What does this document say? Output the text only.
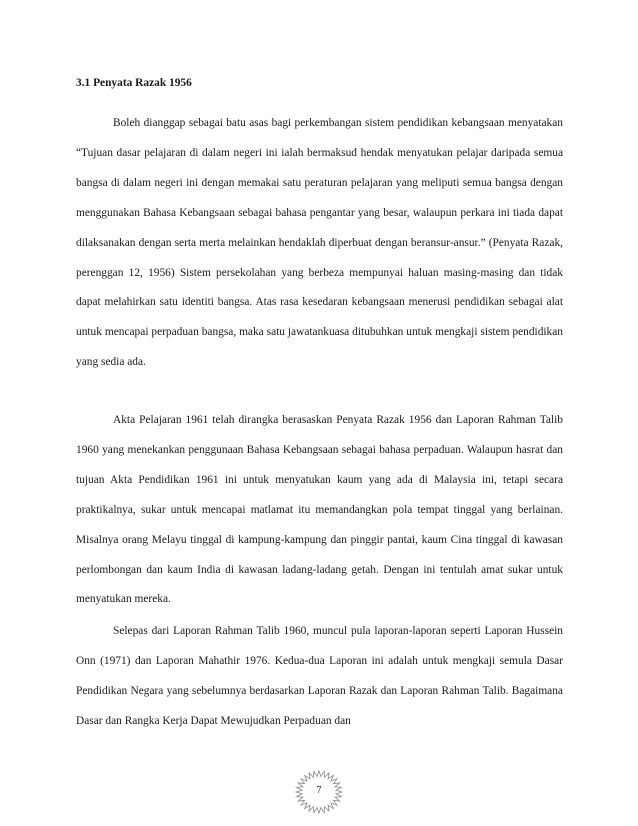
3.1 Penyata Razak 1956

Boleh dianggap sebagai batu asas bagi perkembangan sistem pendidikan kebangsaan menyatakan “Tujuan dasar pelajaran di dalam negeri ini ialah bermaksud hendak menyatukan pelajar daripada semua bangsa di dalam negeri ini dengan memakai satu peraturan pelajaran yang meliputi semua bangsa dengan menggunakan Bahasa Kebangsaan sebagai bahasa pengantar yang besar, walaupun perkara ini tiada dapat dilaksanakan dengan serta merta melainkan hendaklah diperbuat dengan beransur-ansur.” (Penyata Razak, perenggan 12, 1956) Sistem persekolahan yang berbeza mempunyai haluan masing-masing dan tidak dapat melahirkan satu identiti bangsa. Atas rasa kesedaran kebangsaan menerusi pendidikan sebagai alat untuk mencapai perpaduan bangsa, maka satu jawatankuasa ditubuhkan untuk mengkaji sistem pendidikan yang sedia ada.

Akta Pelajaran 1961 telah dirangka berasaskan Penyata Razak 1956 dan Laporan Rahman Talib 1960 yang menekankan penggunaan Bahasa Kebangsaan sebagai bahasa perpaduan. Walaupun hasrat dan tujuan Akta Pendidikan 1961 ini untuk menyatukan kaum yang ada di Malaysia ini, tetapi secara praktikalnya, sukar untuk mencapai matlamat itu memandangkan pola tempat tinggal yang berlainan. Misalnya orang Melayu tinggal di kampung-kampung dan pinggir pantai, kaum Cina tinggal di kawasan perlombongan dan kaum India di kawasan ladang-ladang getah. Dengan ini tentulah amat sukar untuk menyatukan mereka.

Selepas dari Laporan Rahman Talib 1960, muncul pula laporan-laporan seperti Laporan Hussein Onn (1971) dan Laporan Mahathir 1976. Kedua-dua Laporan ini adalah untuk mengkaji semula Dasar Pendidikan Negara yang sebelumnya berdasarkan Laporan Razak dan Laporan Rahman Talib. Bagaimana Dasar dan Rangka Kerja Dapat Mewujudkan Perpaduan dan

7
